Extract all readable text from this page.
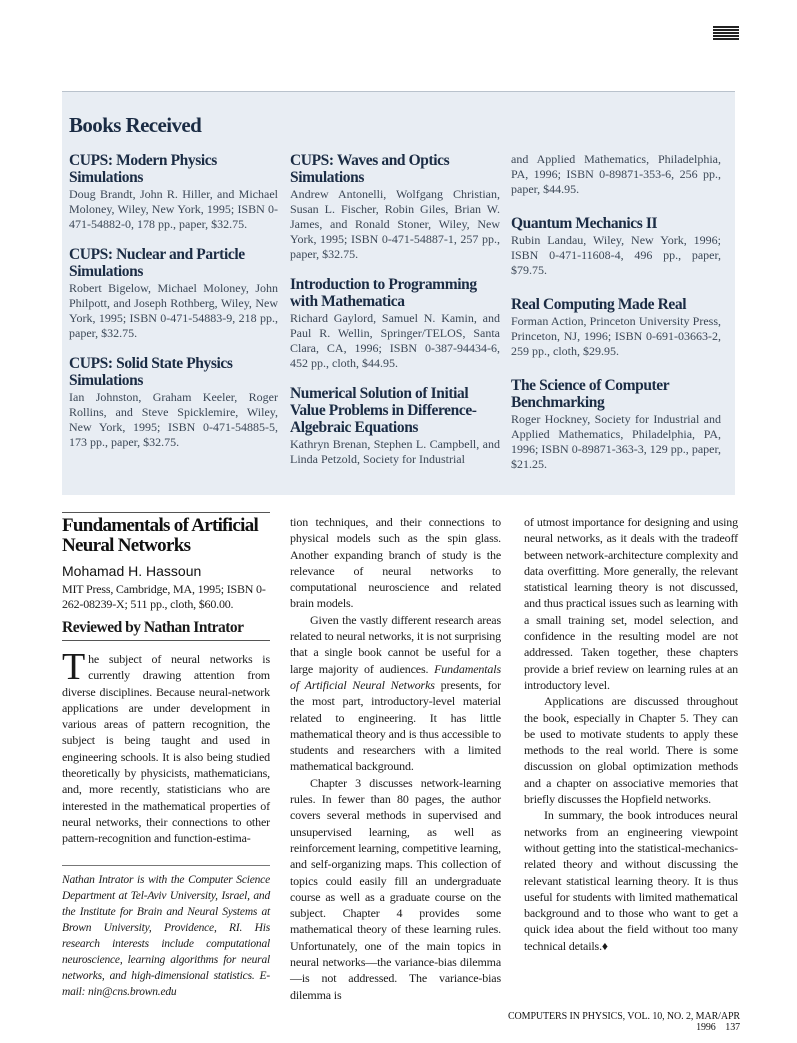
Books Received
CUPS: Modern Physics Simulations
Doug Brandt, John R. Hiller, and Michael Moloney, Wiley, New York, 1995; ISBN 0-471-54882-0, 178 pp., paper, $32.75.
CUPS: Nuclear and Particle Simulations
Robert Bigelow, Michael Moloney, John Philpott, and Joseph Rothberg, Wiley, New York, 1995; ISBN 0-471-54883-9, 218 pp., paper, $32.75.
CUPS: Solid State Physics Simulations
Ian Johnston, Graham Keeler, Roger Rollins, and Steve Spicklemire, Wiley, New York, 1995; ISBN 0-471-54885-5, 173 pp., paper, $32.75.
CUPS: Waves and Optics Simulations
Andrew Antonelli, Wolfgang Christian, Susan L. Fischer, Robin Giles, Brian W. James, and Ronald Stoner, Wiley, New York, 1995; ISBN 0-471-54887-1, 257 pp., paper, $32.75.
Introduction to Programming with Mathematica
Richard Gaylord, Samuel N. Kamin, and Paul R. Wellin, Springer/TELOS, Santa Clara, CA, 1996; ISBN 0-387-94434-6, 452 pp., cloth, $44.95.
Numerical Solution of Initial Value Problems in Difference-Algebraic Equations
Kathryn Brenan, Stephen L. Campbell, and Linda Petzold, Society for Industrial
and Applied Mathematics, Philadelphia, PA, 1996; ISBN 0-89871-353-6, 256 pp., paper, $44.95.
Quantum Mechanics II
Rubin Landau, Wiley, New York, 1996; ISBN 0-471-11608-4, 496 pp., paper, $79.75.
Real Computing Made Real
Forman Action, Princeton University Press, Princeton, NJ, 1996; ISBN 0-691-03663-2, 259 pp., cloth, $29.95.
The Science of Computer Benchmarking
Roger Hockney, Society for Industrial and Applied Mathematics, Philadelphia, PA, 1996; ISBN 0-89871-363-3, 129 pp., paper, $21.25.
Fundamentals of Artificial Neural Networks
Mohamad H. Hassoun
MIT Press, Cambridge, MA, 1995; ISBN 0-262-08239-X; 511 pp., cloth, $60.00.
Reviewed by Nathan Intrator
The subject of neural networks is currently drawing attention from diverse disciplines. Because neural-network applications are under development in various areas of pattern recognition, the subject is being taught and used in engineering schools. It is also being studied theoretically by physicists, mathematicians, and, more recently, statisticians who are interested in the mathematical properties of neural networks, their connections to other pattern-recognition and function-estima-
Nathan Intrator is with the Computer Science Department at Tel-Aviv University, Israel, and the Institute for Brain and Neural Systems at Brown University, Providence, RI. His research interests include computational neuroscience, learning algorithms for neural networks, and high-dimensional statistics. E-mail: nin@cns.brown.edu
tion techniques, and their connections to physical models such as the spin glass. Another expanding branch of study is the relevance of neural networks to computational neuroscience and related brain models.
Given the vastly different research areas related to neural networks, it is not surprising that a single book cannot be useful for a large majority of audiences. Fundamentals of Artificial Neural Networks presents, for the most part, introductory-level material related to engineering. It has little mathematical theory and is thus accessible to students and researchers with a limited mathematical background.
Chapter 3 discusses network-learning rules. In fewer than 80 pages, the author covers several methods in supervised and unsupervised learning, as well as reinforcement learning, competitive learning, and self-organizing maps. This collection of topics could easily fill an undergraduate course as well as a graduate course on the subject. Chapter 4 provides some mathematical theory of these learning rules. Unfortunately, one of the main topics in neural networks—the variance-bias dilemma—is not addressed. The variance-bias dilemma is
of utmost importance for designing and using neural networks, as it deals with the tradeoff between network-architecture complexity and data overfitting. More generally, the relevant statistical learning theory is not discussed, and thus practical issues such as learning with a small training set, model selection, and confidence in the resulting model are not addressed. Taken together, these chapters provide a brief review on learning rules at an introductory level.
Applications are discussed throughout the book, especially in Chapter 5. They can be used to motivate students to apply these methods to the real world. There is some discussion on global optimization methods and a chapter on associative memories that briefly discusses the Hopfield networks.
In summary, the book introduces neural networks from an engineering viewpoint without getting into the statistical-mechanics-related theory and without discussing the relevant statistical learning theory. It is thus useful for students with limited mathematical background and to those who want to get a quick idea about the field without too many technical details.♦
COMPUTERS IN PHYSICS, VOL. 10, NO. 2, MAR/APR 1996 137
